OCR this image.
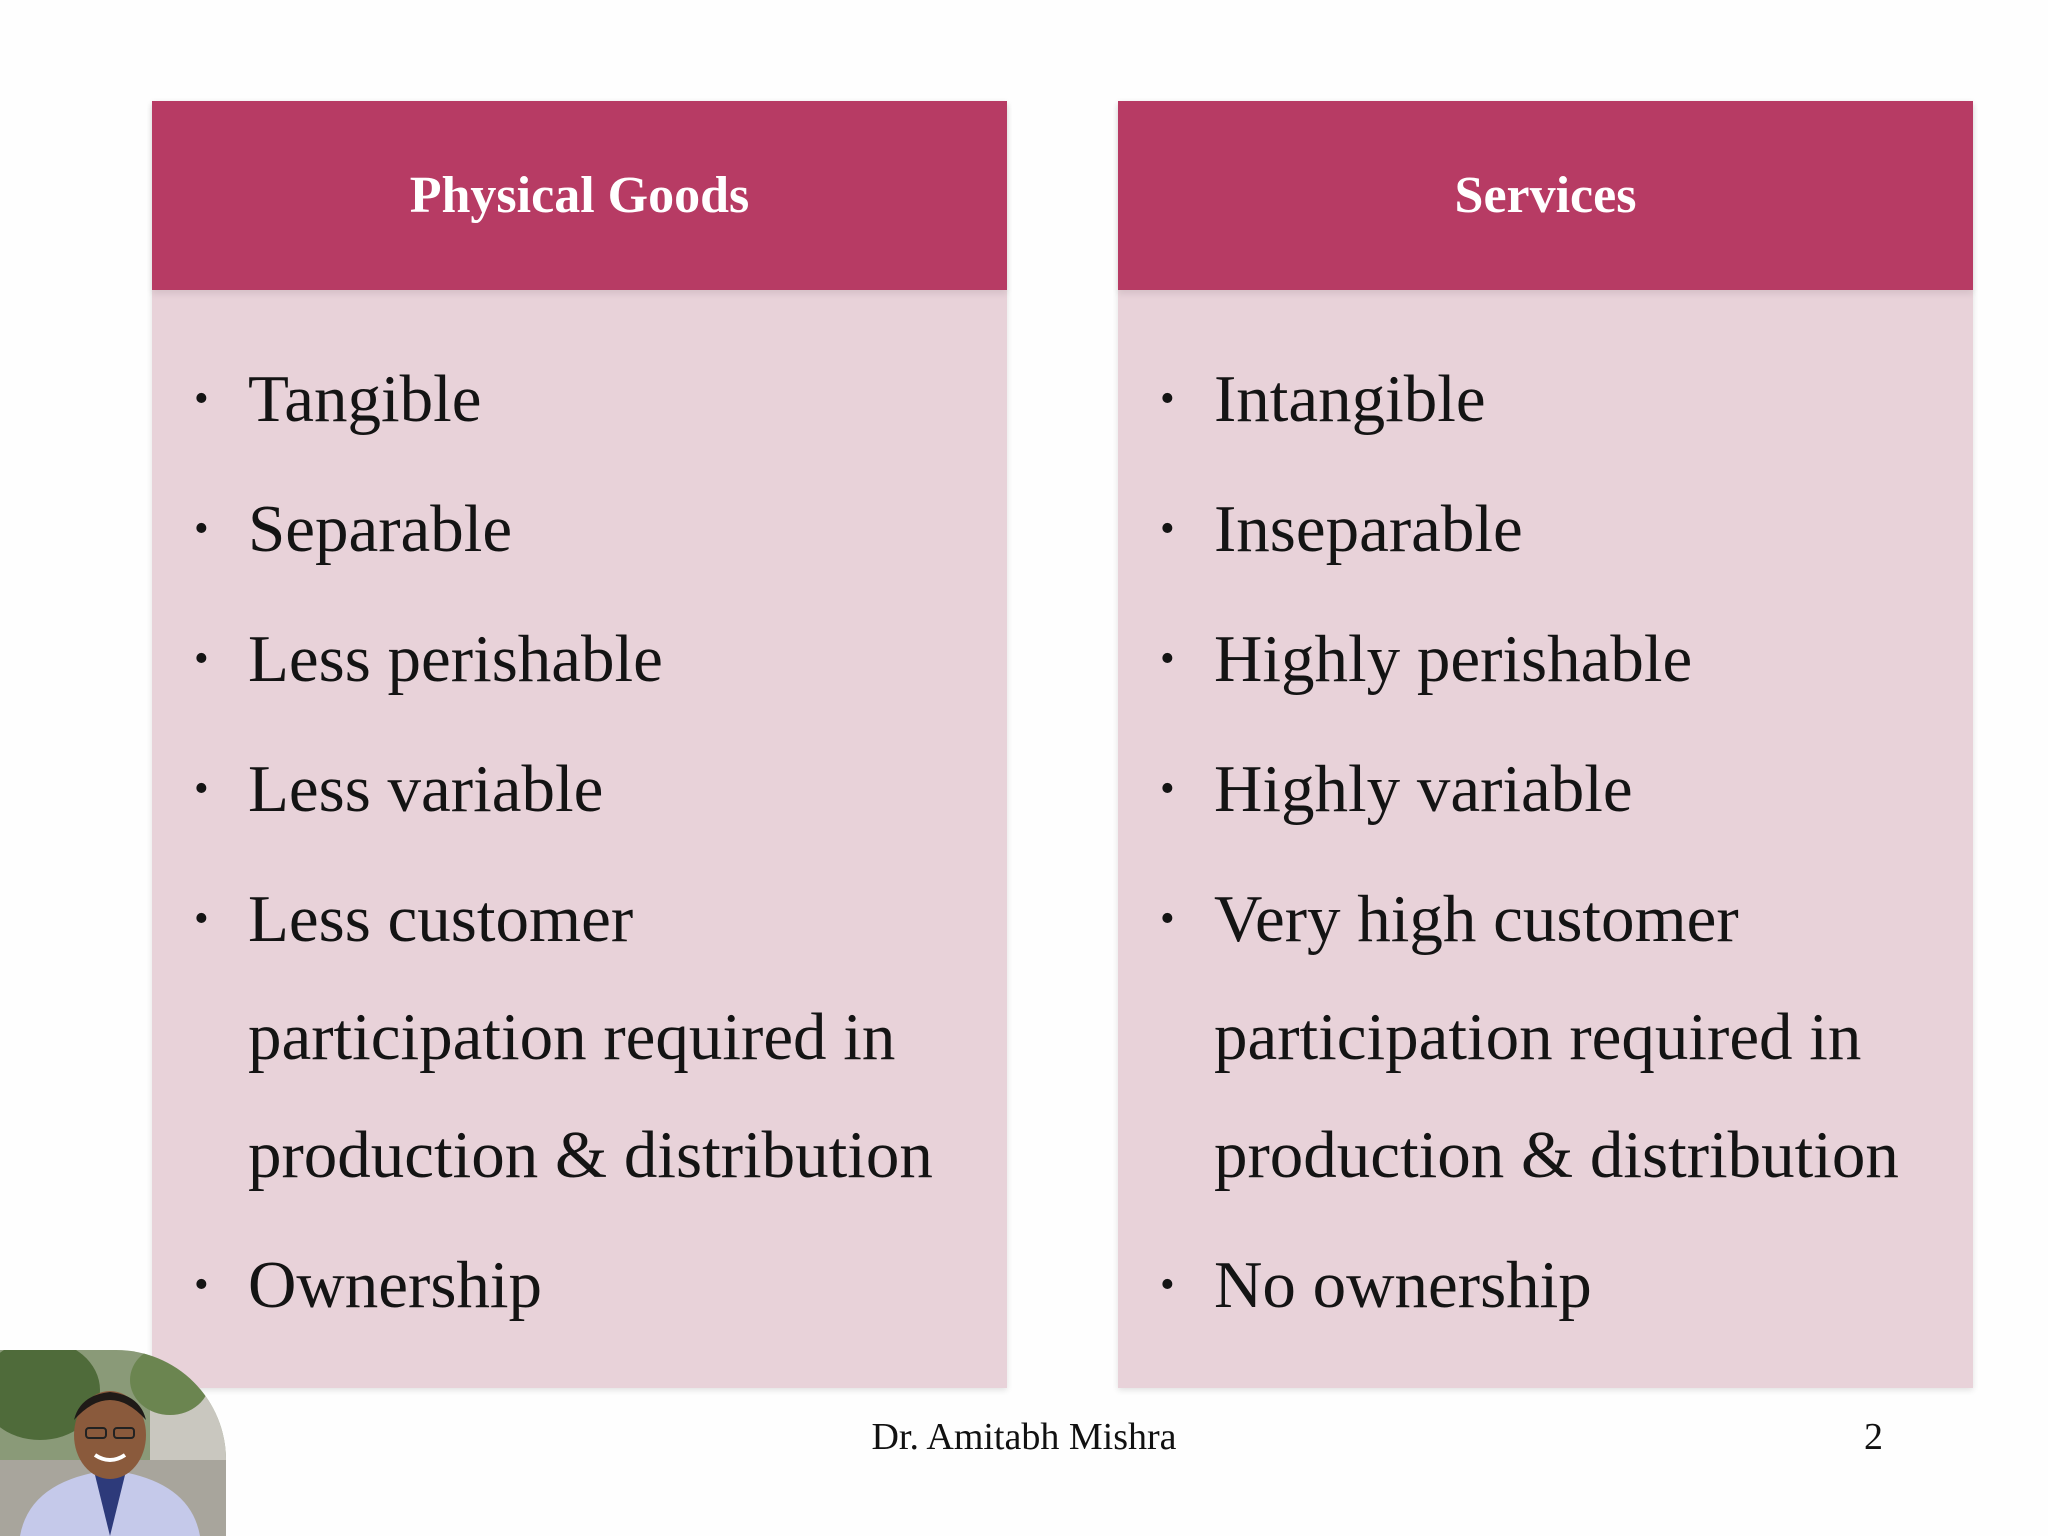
Physical Goods
• Tangible
• Separable
• Less perishable
• Less variable
• Less customer participation required in production & distribution
• Ownership
Services
• Intangible
• Inseparable
• Highly perishable
• Highly variable
• Very high customer participation required in production & distribution
• No ownership
Dr. Amitabh Mishra	2
